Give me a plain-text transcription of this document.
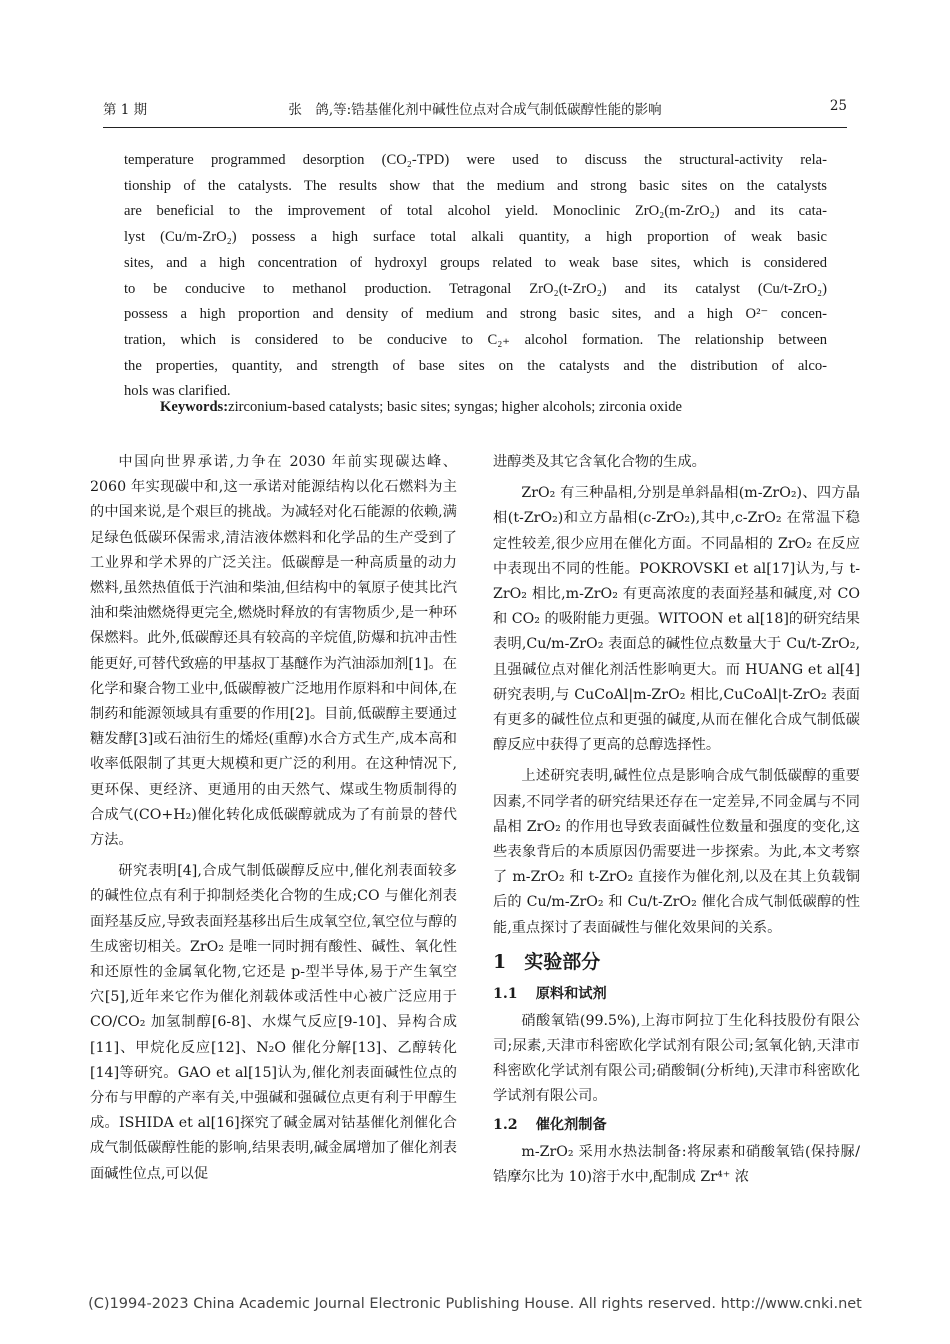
第 1 期	张　鸽,等:锆基催化剂中碱性位点对合成气制低碳醇性能的影响	25

temperature programmed desorption (CO₂-TPD) were used to discuss the structural-activity rela-

tionship of the catalysts. The results show that the medium and strong basic sites on the catalysts

are beneficial to the improvement of total alcohol yield. Monoclinic ZrO₂(m-ZrO₂) and its cata-

lyst (Cu/m-ZrO₂) possess a high surface total alkali quantity, a high proportion of weak basic

sites, and a high concentration of hydroxyl groups related to weak base sites, which is considered

to be conducive to methanol production. Tetragonal ZrO₂(t-ZrO₂) and its catalyst (Cu/t-ZrO₂)

possess a high proportion and density of medium and strong basic sites, and a high O²⁻ concen-

tration, which is considered to be conducive to C₂₊ alcohol formation. The relationship between

the properties, quantity, and strength of base sites on the catalysts and the distribution of alco-

hols was clarified.

Keywords:zirconium-based catalysts; basic sites; syngas; higher alcohols; zirconia oxide

中国向世界承诺,力争在 2030 年前实现碳达峰、2060 年实现碳中和,这一承诺对能源结构以化石燃料为主的中国来说,是个艰巨的挑战。为减轻对化石能源的依赖,满足绿色低碳环保需求,清洁液体燃料和化学品的生产受到了工业界和学术界的广泛关注。低碳醇是一种高质量的动力燃料,虽然热值低于汽油和柴油,但结构中的氧原子使其比汽油和柴油燃烧得更完全,燃烧时释放的有害物质少,是一种环保燃料。此外,低碳醇还具有较高的辛烷值,防爆和抗冲击性能更好,可替代致癌的甲基叔丁基醚作为汽油添加剂[1]。在化学和聚合物工业中,低碳醇被广泛地用作原料和中间体,在制药和能源领域具有重要的作用[2]。目前,低碳醇主要通过糖发酵[3]或石油衍生的烯烃(重醇)水合方式生产,成本高和收率低限制了其更大规模和更广泛的利用。在这种情况下,更环保、更经济、更通用的由天然气、煤或生物质制得的合成气(CO+H₂)催化转化成低碳醇就成为了有前景的替代方法。

研究表明[4],合成气制低碳醇反应中,催化剂表面较多的碱性位点有利于抑制烃类化合物的生成;CO 与催化剂表面羟基反应,导致表面羟基移出后生成氧空位,氧空位与醇的生成密切相关。ZrO₂ 是唯一同时拥有酸性、碱性、氧化性和还原性的金属氧化物,它还是 p-型半导体,易于产生氧空穴[5],近年来它作为催化剂载体或活性中心被广泛应用于 CO/CO₂ 加氢制醇[6-8]、水煤气反应[9-10]、异构合成[11]、甲烷化反应[12]、N₂O 催化分解[13]、乙醇转化[14]等研究。GAO et al[15]认为,催化剂表面碱性位点的分布与甲醇的产率有关,中强碱和强碱位点更有利于甲醇生成。ISHIDA et al[16]探究了碱金属对钴基催化剂催化合成气制低碳醇性能的影响,结果表明,碱金属增加了催化剂表面碱性位点,可以促

进醇类及其它含氧化合物的生成。

ZrO₂ 有三种晶相,分别是单斜晶相(m-ZrO₂)、四方晶相(t-ZrO₂)和立方晶相(c-ZrO₂),其中,c-ZrO₂ 在常温下稳定性较差,很少应用在催化方面。不同晶相的 ZrO₂ 在反应中表现出不同的性能。POKROVSKI et al[17]认为,与 t-ZrO₂ 相比,m-ZrO₂ 有更高浓度的表面羟基和碱度,对 CO 和 CO₂ 的吸附能力更强。WITOON et al[18]的研究结果表明,Cu/m-ZrO₂ 表面总的碱性位点数量大于 Cu/t-ZrO₂,且强碱位点对催化剂活性影响更大。而 HUANG et al[4]研究表明,与 CuCoAl|m-ZrO₂ 相比,CuCoAl|t-ZrO₂ 表面有更多的碱性位点和更强的碱度,从而在催化合成气制低碳醇反应中获得了更高的总醇选择性。

上述研究表明,碱性位点是影响合成气制低碳醇的重要因素,不同学者的研究结果还存在一定差异,不同金属与不同晶相 ZrO₂ 的作用也导致表面碱性位数量和强度的变化,这些表象背后的本质原因仍需要进一步探索。为此,本文考察了 m-ZrO₂ 和 t-ZrO₂ 直接作为催化剂,以及在其上负载铜后的 Cu/m-ZrO₂ 和 Cu/t-ZrO₂ 催化合成气制低碳醇的性能,重点探讨了表面碱性与催化效果间的关系。

1 实验部分
1.1 原料和试剂

硝酸氧锆(99.5%),上海市阿拉丁生化科技股份有限公司;尿素,天津市科密欧化学试剂有限公司;氢氧化钠,天津市科密欧化学试剂有限公司;硝酸铜(分析纯),天津市科密欧化学试剂有限公司。

1.2 催化剂制备

m-ZrO₂ 采用水热法制备:将尿素和硝酸氧锆(保持脲/锆摩尔比为 10)溶于水中,配制成 Zr⁴⁺ 浓

(C)1994-2023 China Academic Journal Electronic Publishing House. All rights reserved. http://www.cnki.net
